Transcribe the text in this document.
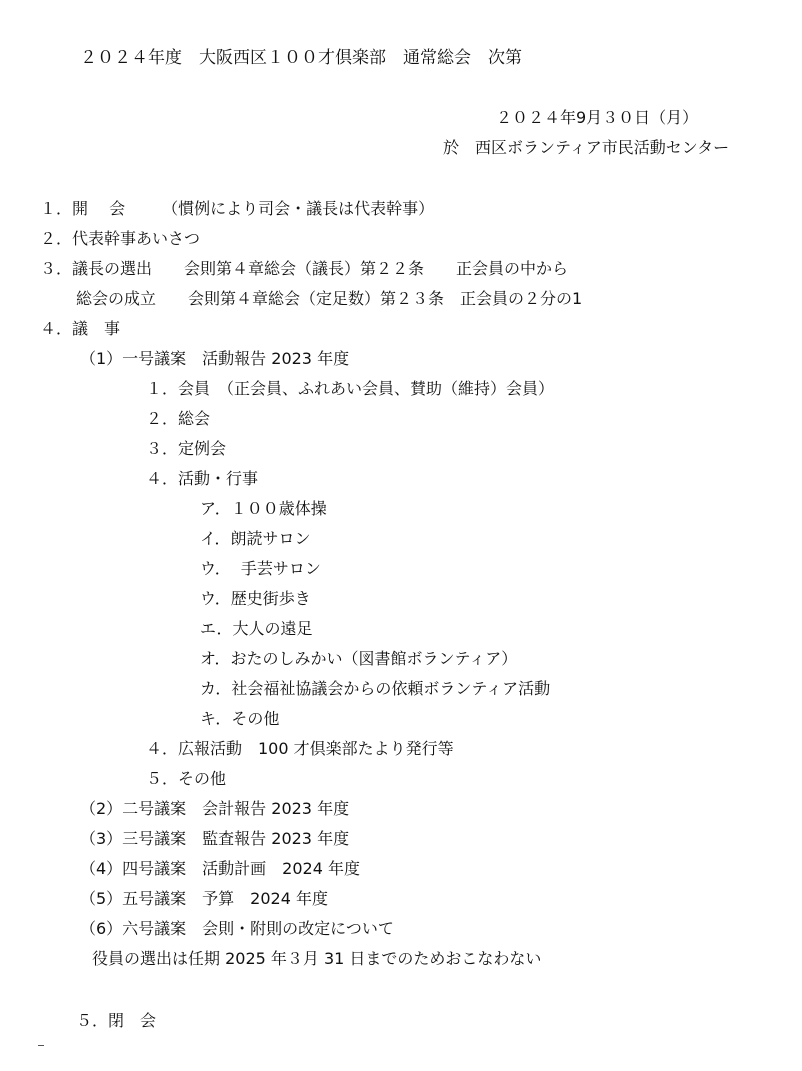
２０２４年度　大阪西区１００才倶楽部　通常総会　次第
２０２４年9月３０日（月）
於　西区ボランティア市民活動センター
１．開　 会　　 （慣例により司会・議長は代表幹事）
２．代表幹事あいさつ
３．議長の選出　　会則第４章総会（議長）第２２条　　正会員の中から
総会の成立　　会則第４章総会（定足数）第２３条　正会員の２分の1
４．議　事
（1）一号議案　活動報告 2023 年度
１．会員　（正会員、ふれあい会員、賛助（維持）会員）
２．総会
３．定例会
４．活動・行事
ア．１００歳体操
イ．朗読サロン
ウ．  手芸サロン
ウ．歴史街歩き
エ．大人の遠足
オ．おたのしみかい（図書館ボランティア）
カ．社会福祉協議会からの依頼ボランティア活動
キ．その他
４．広報活動　100 才倶楽部たより発行等
５．その他
（2）二号議案　会計報告 2023 年度
（3）三号議案　監査報告 2023 年度
（4）四号議案　活動計画　2024 年度
（5）五号議案　予算　2024 年度
（6）六号議案　会則・附則の改定について
役員の選出は任期 2025 年３月 31 日までのためおこなわない
５．閉　会
